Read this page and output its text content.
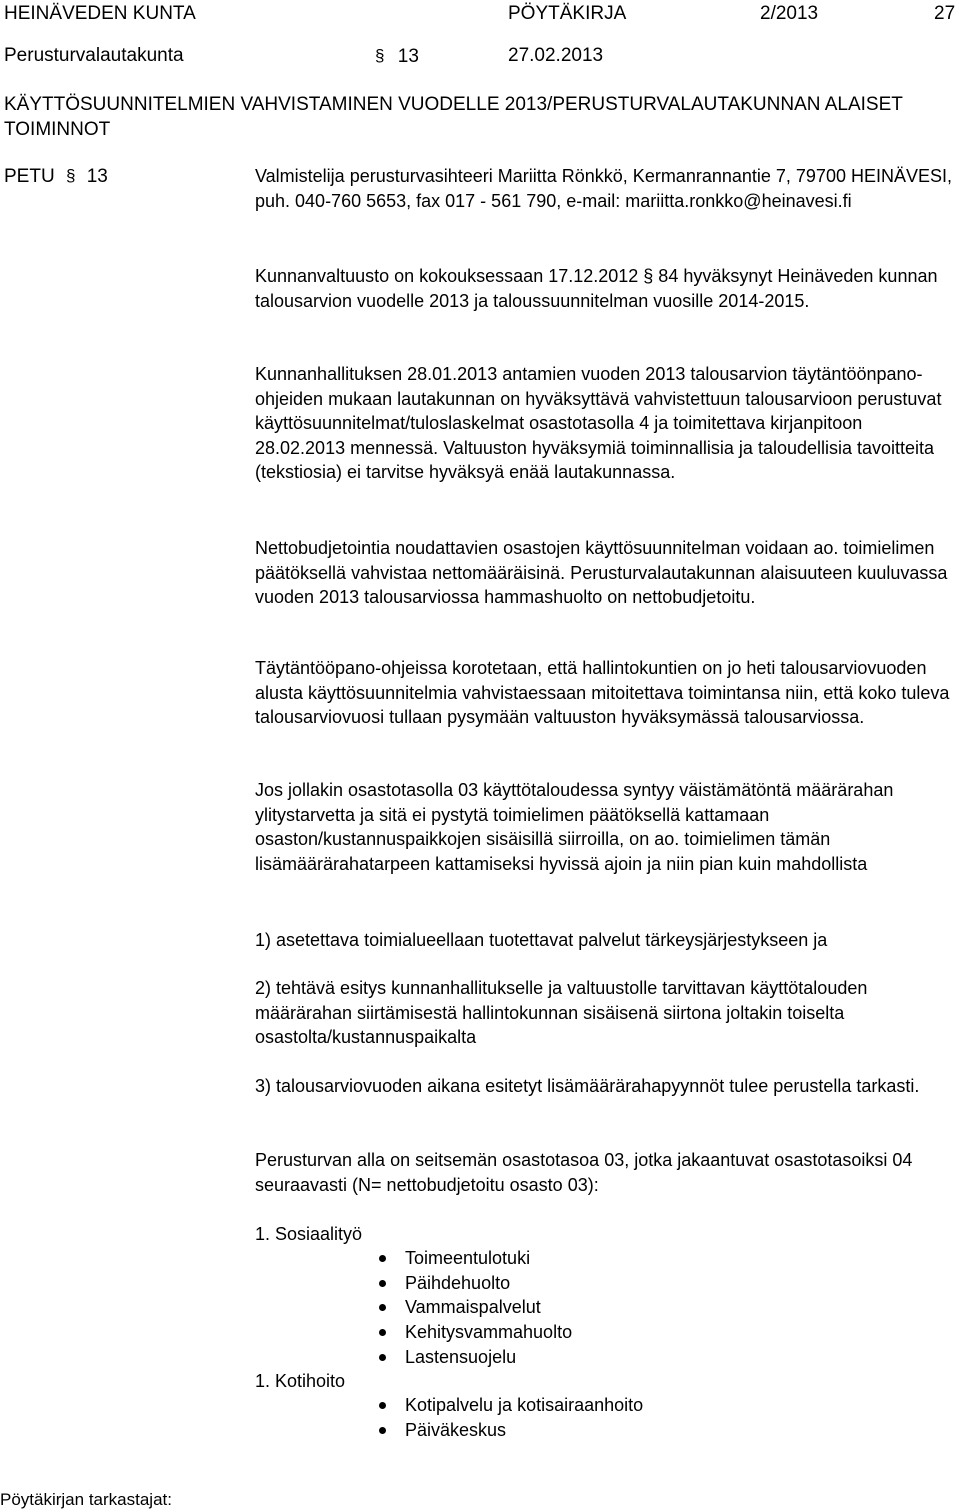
HEINÄVEDEN KUNTA	PÖYTÄKIRJA	2/2013	27
Perusturvalautakunta	§ 13	27.02.2013
KÄYTTÖSUUNNITELMIEN VAHVISTAMINEN VUODELLE 2013/PERUSTURVALAUTAKUNNAN ALAISET TOIMINNOT
PETU § 13	Valmistelija perusturvasihteeri Mariitta Rönkkö, Kermanrannantie 7, 79700 HEINÄVESI, puh. 040-760 5653, fax 017 - 561 790, e-mail: mariitta.ronkko@heinavesi.fi
Kunnanvaltuusto on kokouksessaan 17.12.2012 § 84 hyväksynyt Heinäveden kunnan talousarvion vuodelle 2013 ja taloussuunnitelman vuosille 2014-2015.
Kunnanhallituksen 28.01.2013 antamien vuoden 2013 talousarvion täytäntöönpano-ohjeiden mukaan lautakunnan on hyväksyttävä vahvistettuun talousarvioon perustuvat käyttösuunnitelmat/tuloslaskelmat osastotasolla 4 ja toimitettava kirjanpitoon 28.02.2013 mennessä. Valtuuston hyväksymiä toiminnallisia ja taloudellisia tavoitteita (tekstiosia) ei tarvitse hyväksyä enää lautakunnassa.
Nettobudjetointia noudattavien osastojen käyttösuunnitelman voidaan ao. toimielimen päätöksellä vahvistaa nettomääräisinä. Perusturvalautakunnan alaisuuteen kuuluvassa vuoden 2013 talousarviossa hammashuolto on nettobudjetoitu.
Täytäntööpano-ohjeissa korotetaan, että hallintokuntien on jo heti talousarviovuoden alusta käyttösuunnitelmia vahvistaessaan mitoitettava toimintansa niin, että koko tuleva talousarviovuosi tullaan pysymään valtuuston hyväksymässä talousarviossa.
Jos jollakin osastotasolla 03 käyttötaloudessa syntyy väistämätöntä määrärahan ylitystarvetta ja sitä ei pystytä toimielimen päätöksellä kattamaan osaston/kustannuspaikkojen sisäisillä siirroilla, on ao. toimielimen tämän lisämäärärahatarpeen kattamiseksi hyvissä ajoin ja niin pian kuin mahdollista
1) asetettava toimialueellaan tuotettavat palvelut tärkeysjärjestykseen ja
2) tehtävä esitys kunnanhallitukselle ja valtuustolle tarvittavan käyttötalouden määrärahan siirtämisestä hallintokunnan sisäisenä siirtona joltakin toiselta osastolta/kustannuspaikalta
3) talousarviovuoden aikana esitetyt lisämäärärahapyynnöt tulee perustella tarkasti.
Perusturvan alla on seitsemän osastotasoa 03, jotka jakaantuvat osastotasoiksi 04 seuraavasti (N= nettobudjetoitu osasto 03):
1. Sosiaalityö
Toimeentulotuki
Päihdehuolto
Vammaispalvelut
Kehitysvammahuolto
Lastensuojelu
1. Kotihoito
Kotipalvelu ja kotisairaanhoito
Päiväkeskus
Pöytäkirjan tarkastajat:
